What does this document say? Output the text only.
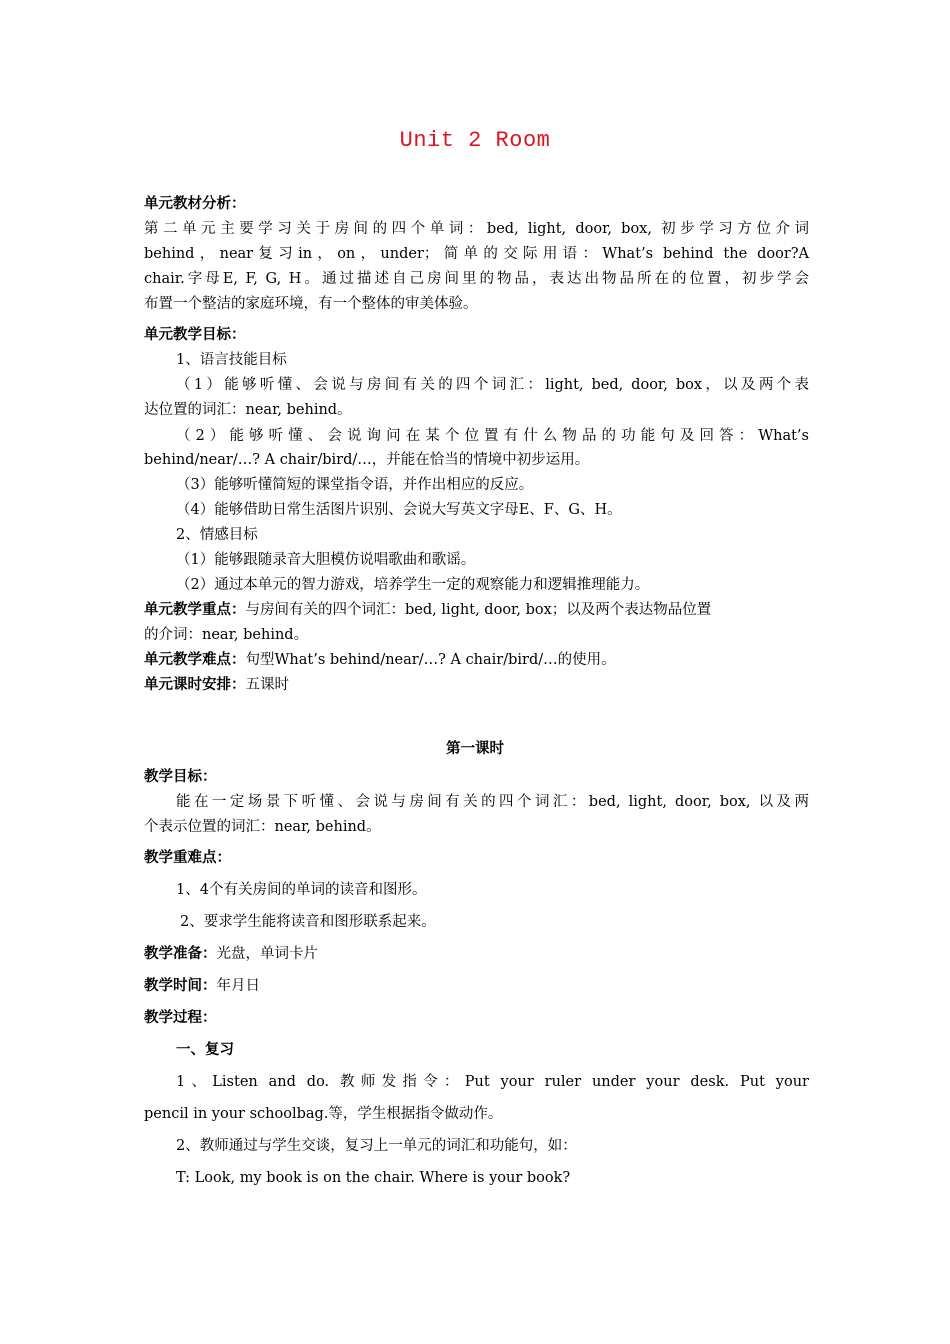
Unit 2 Room
单元教材分析：
第二单元主要学习关于房间的四个单词：bed, light, door, box, 初步学习方位介词
behind，near复习in，on，under；简单的交际用语：What’s behind the door?A
chair.字母E, F, G, H。通过描述自己房间里的物品，表达出物品所在的位置，初步学会
布置一个整洁的家庭环境，有一个整体的审美体验。
单元教学目标：
1、语言技能目标
（1）能够听懂、会说与房间有关的四个词汇：light, bed, door, box，以及两个表
达位置的词汇：near, behind。
（2）能够听懂、会说询问在某个位置有什么物品的功能句及回答：What’s
behind/near/…? A chair/bird/…，并能在恰当的情境中初步运用。
（3）能够听懂简短的课堂指令语，并作出相应的反应。
（4）能够借助日常生活图片识别、会说大写英文字母E、F、G、H。
2、情感目标
（1）能够跟随录音大胆模仿说唱歌曲和歌谣。
（2）通过本单元的智力游戏，培养学生一定的观察能力和逻辑推理能力。
单元教学重点：与房间有关的四个词汇：bed, light, door, box；以及两个表达物品位置
的介词：near, behind。
单元教学难点：句型What’s behind/near/…? A chair/bird/…的使用。
单元课时安排：五课时
第一课时
教学目标：
能在一定场景下听懂、会说与房间有关的四个词汇：bed, light, door, box, 以及两
个表示位置的词汇：near, behind。
教学重难点：
1、4个有关房间的单词的读音和图形。
2、要求学生能将读音和图形联系起来。
教学准备：光盘，单词卡片
教学时间：年月日
教学过程：
一、复习
1、Listen and do. 教师发指令：Put your ruler under your desk. Put your
pencil in your schoolbag.等，学生根据指令做动作。
2、教师通过与学生交谈，复习上一单元的词汇和功能句，如：
T: Look, my book is on the chair. Where is your book?
